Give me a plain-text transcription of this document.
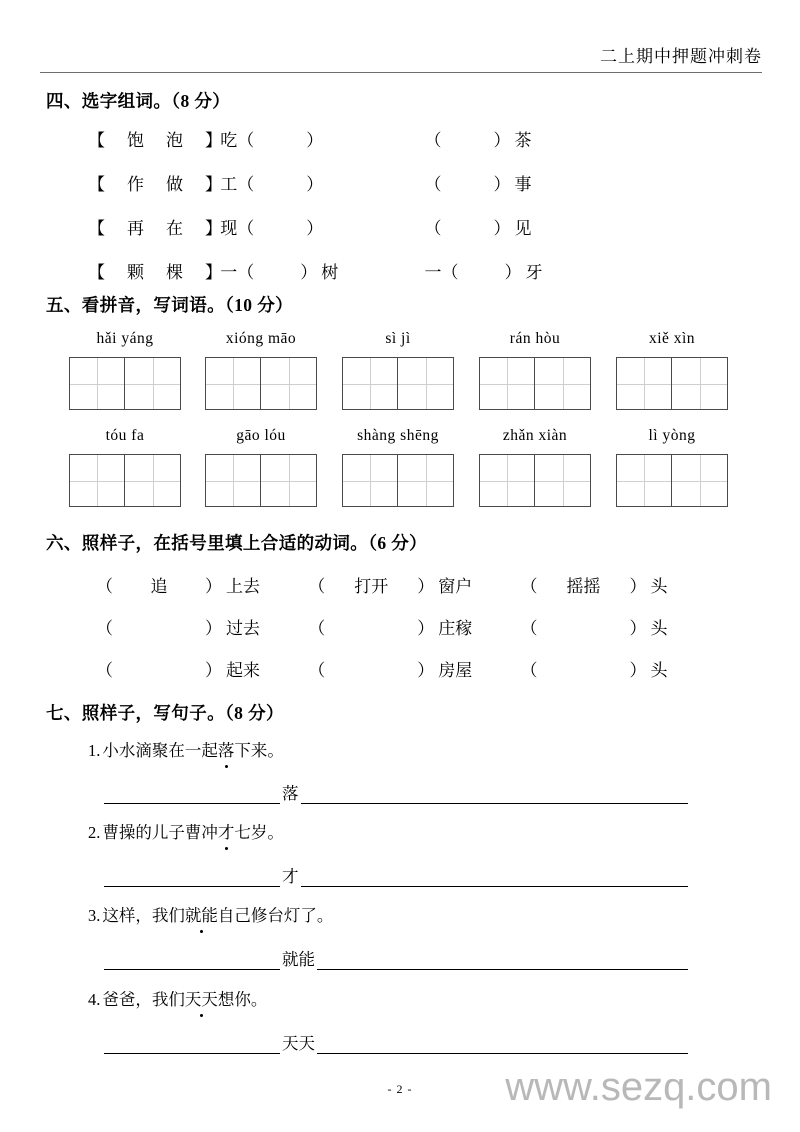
二上期中押题冲刺卷
四、选字组词。（8 分）
【 饱 泡 】 吃（	）	（	） 茶
【 作 做 】 工（	）	（	） 事
【 再 在 】 现（	）	（	） 见
【 颗 棵 】 一（	） 树	一（	） 牙
五、看拼音，写词语。（10 分）
hǎi yáng	xióng māo	sì jì	rán hòu	xiě xìn
tóu fa	gāo lóu	shàng shēng	zhǎn xiàn	lì yòng
六、照样子，在括号里填上合适的动词。（6 分）
（ 追 ） 上去	（ 打开 ） 窗户	（ 摇摇 ） 头
（	） 过去	（	） 庄稼	（	） 头
（	） 起来	（	） 房屋	（	） 头
七、照样子，写句子。（8 分）
1. 小水滴聚在一起落下来。
落
2. 曹操的儿子曹冲才七岁。
才
3. 这样，我们就能自己修台灯了。
就能
4. 爸爸，我们天天想你。
天天
- 2 -	www.sezq.com
